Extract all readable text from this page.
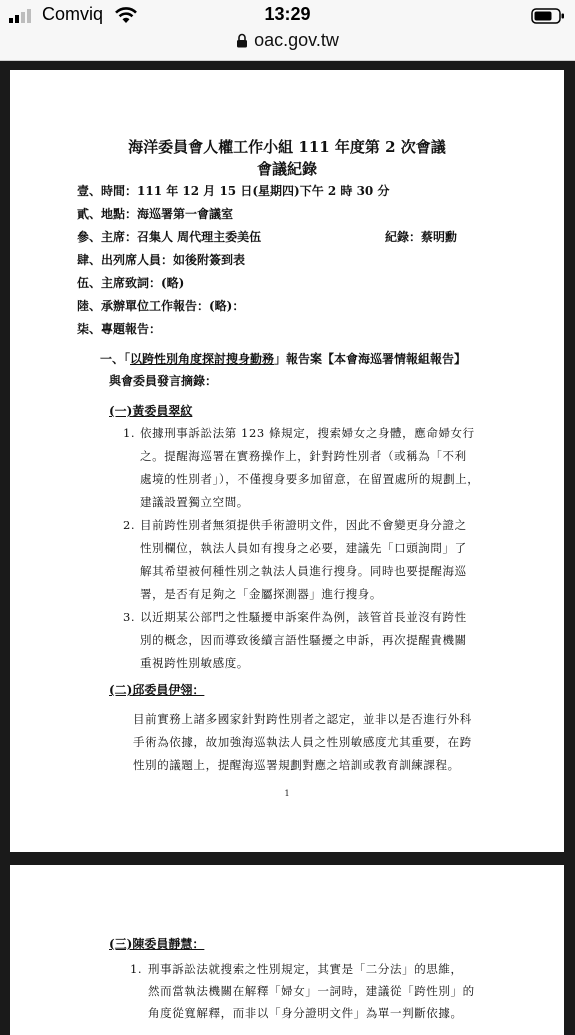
Comviq	13:29
oac.gov.tw
海洋委員會人權工作小組 111 年度第 2 次會議
會議紀錄
壹、時間：111 年 12 月 15 日(星期四)下午 2 時 30 分
貳、地點：海巡署第一會議室
參、主席：召集人 周代理主委美伍	紀錄：蔡明勳
肆、出列席人員：如後附簽到表
伍、主席致詞：(略)
陸、承辦單位工作報告：(略)：
柒、專題報告：
一、「以跨性別角度探討搜身勤務」報告案【本會海巡署情報組報告】
與會委員發言摘錄：
(一)黃委員翠紋
1. 依據刑事訴訟法第 123 條規定，搜索婦女之身體，應命婦女行
之。提醒海巡署在實務操作上，針對跨性別者（或稱為「不利
處境的性別者」），不僅搜身要多加留意，在留置處所的規劃上，
建議設置獨立空間。
2. 目前跨性別者無須提供手術證明文件，因此不會變更身分證之
性別欄位，執法人員如有搜身之必要，建議先「口頭詢問」了
解其希望被何種性別之執法人員進行搜身。同時也要提醒海巡
署，是否有足夠之「金屬探測器」進行搜身。
3. 以近期某公部門之性騷擾申訴案件為例，該管首長並沒有跨性
別的概念，因而導致後續言語性騷擾之申訴，再次提醒貴機關
重視跨性別敏感度。
(二)邱委員伊翎：
目前實務上諸多國家針對跨性別者之認定，並非以是否進行外科
手術為依據，故加強海巡執法人員之性別敏感度尤其重要，在跨
性別的議題上，提醒海巡署規劃對應之培訓或教育訓練課程。
1
(三)陳委員靜慧：
1. 刑事訴訟法就搜索之性別規定，其實是「二分法」的思維，
然而當執法機關在解釋「婦女」一詞時，建議從「跨性別」的
角度從寬解釋，而非以「身分證明文件」為單一判斷依據。
